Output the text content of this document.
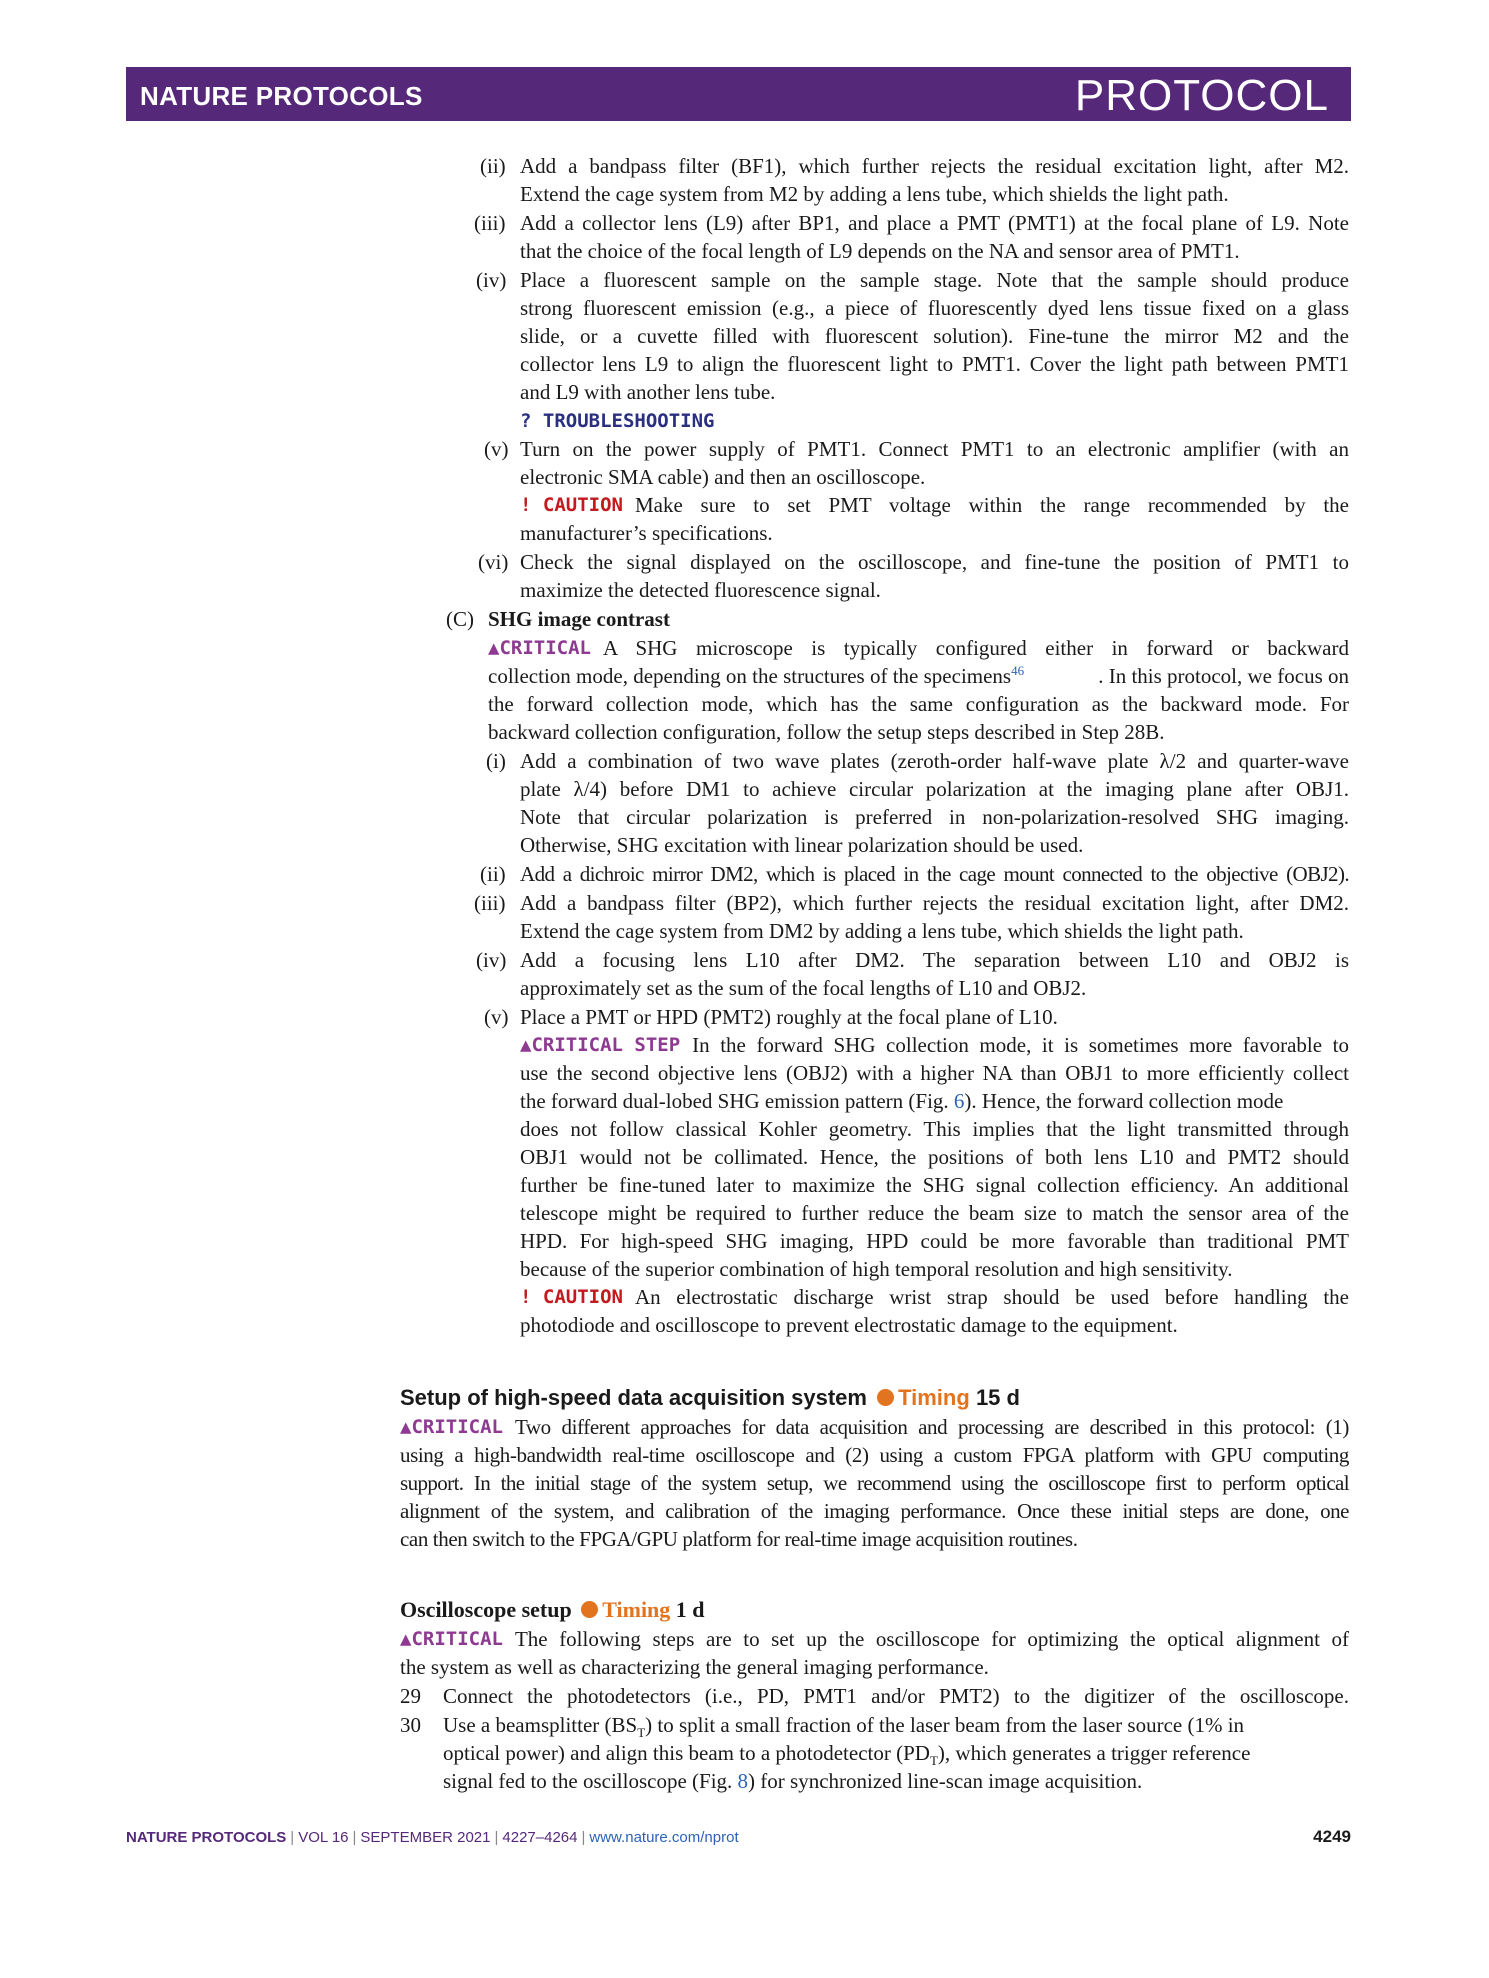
NATURE PROTOCOLS	PROTOCOL
(ii) Add a bandpass filter (BF1), which further rejects the residual excitation light, after M2.
Extend the cage system from M2 by adding a lens tube, which shields the light path.
(iii) Add a collector lens (L9) after BP1, and place a PMT (PMT1) at the focal plane of L9. Note
that the choice of the focal length of L9 depends on the NA and sensor area of PMT1.
(iv) Place a fluorescent sample on the sample stage. Note that the sample should produce
strong fluorescent emission (e.g., a piece of fluorescently dyed lens tissue fixed on a glass
slide, or a cuvette filled with fluorescent solution). Fine-tune the mirror M2 and the
collector lens L9 to align the fluorescent light to PMT1. Cover the light path between PMT1
and L9 with another lens tube.
? TROUBLESHOOTING
(v) Turn on the power supply of PMT1. Connect PMT1 to an electronic amplifier (with an
electronic SMA cable) and then an oscilloscope.
! CAUTION Make sure to set PMT voltage within the range recommended by the
manufacturer’s specifications.
(vi) Check the signal displayed on the oscilloscope, and fine-tune the position of PMT1 to
maximize the detected fluorescence signal.
(C) SHG image contrast
▲CRITICAL A SHG microscope is typically configured either in forward or backward
collection mode, depending on the structures of the specimens$^{46}$	. In this protocol, we focus on
the forward collection mode, which has the same configuration as the backward mode. For
backward collection configuration, follow the setup steps described in Step 28B.
(i) Add a combination of two wave plates (zeroth-order half-wave plate λ/2 and quarter-wave
plate λ/4) before DM1 to achieve circular polarization at the imaging plane after OBJ1.
Note that circular polarization is preferred in non-polarization-resolved SHG imaging.
Otherwise, SHG excitation with linear polarization should be used.
(ii) Add a dichroic mirror DM2, which is placed in the cage mount connected to the objective (OBJ2).
(iii) Add a bandpass filter (BP2), which further rejects the residual excitation light, after DM2.
Extend the cage system from DM2 by adding a lens tube, which shields the light path.
(iv) Add a focusing lens L10 after DM2. The separation between L10 and OBJ2 is
approximately set as the sum of the focal lengths of L10 and OBJ2.
(v) Place a PMT or HPD (PMT2) roughly at the focal plane of L10.
▲CRITICAL STEP In the forward SHG collection mode, it is sometimes more favorable to
use the second objective lens (OBJ2) with a higher NA than OBJ1 to more efficiently collect
the forward dual-lobed SHG emission pattern (Fig. 6). Hence, the forward collection mode
does not follow classical Kohler geometry. This implies that the light transmitted through
OBJ1 would not be collimated. Hence, the positions of both lens L10 and PMT2 should
further be fine-tuned later to maximize the SHG signal collection efficiency. An additional
telescope might be required to further reduce the beam size to match the sensor area of the
HPD. For high-speed SHG imaging, HPD could be more favorable than traditional PMT
because of the superior combination of high temporal resolution and high sensitivity.
! CAUTION An electrostatic discharge wrist strap should be used before handling the
photodiode and oscilloscope to prevent electrostatic damage to the equipment.
Setup of high-speed data acquisition system Timing 15 d
▲CRITICAL Two different approaches for data acquisition and processing are described in this protocol: (1)
using a high-bandwidth real-time oscilloscope and (2) using a custom FPGA platform with GPU computing
support. In the initial stage of the system setup, we recommend using the oscilloscope first to perform optical
alignment of the system, and calibration of the imaging performance. Once these initial steps are done, one
can then switch to the FPGA/GPU platform for real-time image acquisition routines.
Oscilloscope setup Timing 1 d
▲CRITICAL The following steps are to set up the oscilloscope for optimizing the optical alignment of
the system as well as characterizing the general imaging performance.
29 Connect the photodetectors (i.e., PD, PMT1 and/or PMT2) to the digitizer of the oscilloscope.
30 Use a beamsplitter $(BS_T)$ to split a small fraction of the laser beam from the laser source (1% in
optical power) and align this beam to a photodetector $(PD_T)$, which generates a trigger reference
signal fed to the oscilloscope (Fig. 8) for synchronized line-scan image acquisition.
NATURE PROTOCOLS | VOL 16 | SEPTEMBER 2021 | 4227–4264 | www.nature.com/nprot	4249
